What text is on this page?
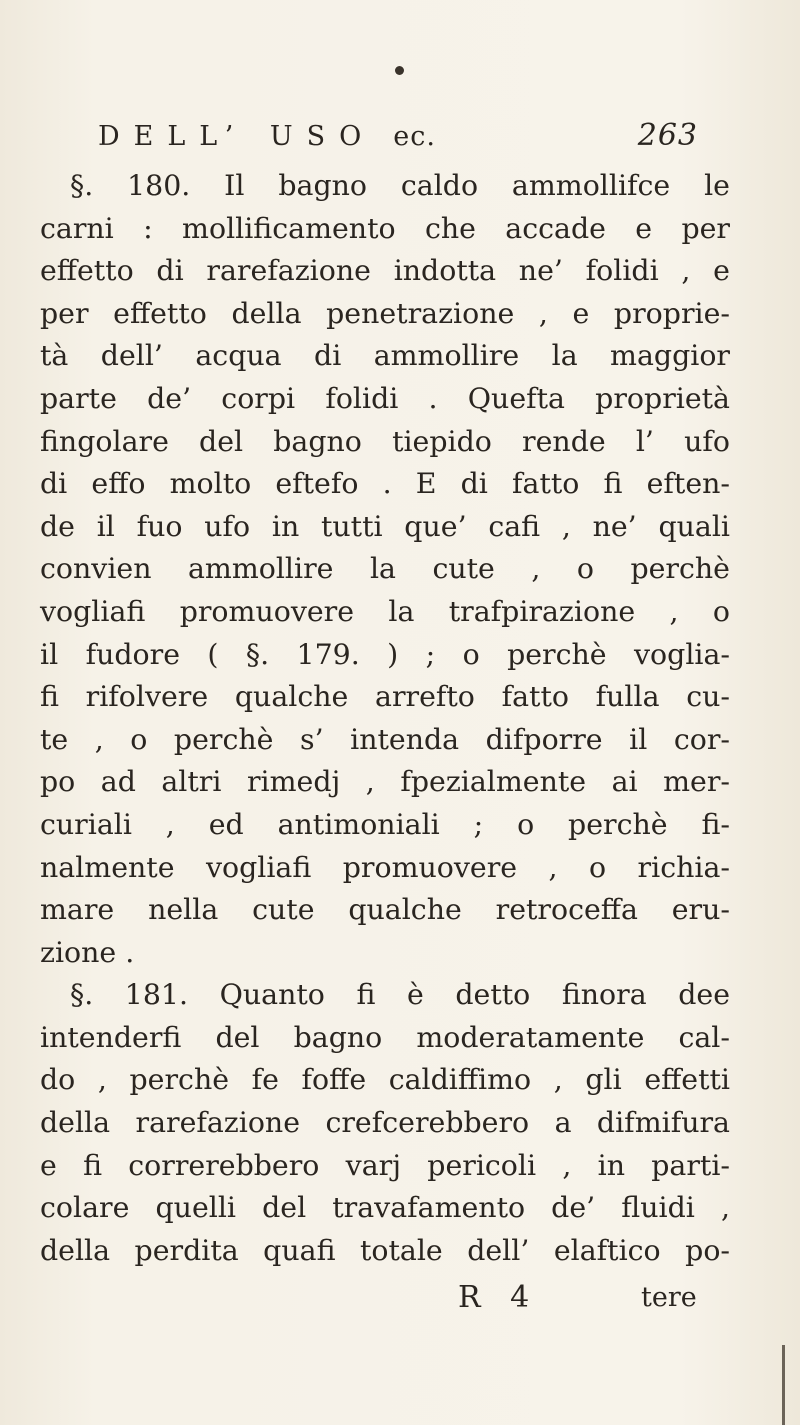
DELL’ USO ec.	263
§. 180. Il bagno caldo ammollifce le
carni : mollificamento che accade e per
effetto di rarefazione indotta ne’ folidi , e
per effetto della penetrazione , e proprie-
tà dell’ acqua di ammollire la maggior
parte de’ corpi folidi . Quefta proprietà
fingolare del bagno tiepido rende l’ ufo
di effo molto eftefo . E di fatto fi eften-
de il fuo ufo in tutti que’ cafi , ne’ quali
convien ammollire la cute , o perchè
vogliafi promuovere la trafpirazione , o
il fudore ( §. 179. ) ; o perchè voglia-
fi rifolvere qualche arrefto fatto fulla cu-
te , o perchè s’ intenda difporre il cor-
po ad altri rimedj , fpezialmente ai mer-
curiali , ed antimoniali ; o perchè fi-
nalmente vogliafi promuovere , o richia-
mare nella cute qualche retroceffa eru-
zione .
§. 181. Quanto fi è detto finora dee
intenderfi del bagno moderatamente cal-
do , perchè fe foffe caldiffimo , gli effetti
della rarefazione crefcerebbero a difmifura
e fi correrebbero varj pericoli , in parti-
colare quelli del travafamento de’ fluidi ,
della perdita quafi totale dell’ elaftico po-
R 4	tere
